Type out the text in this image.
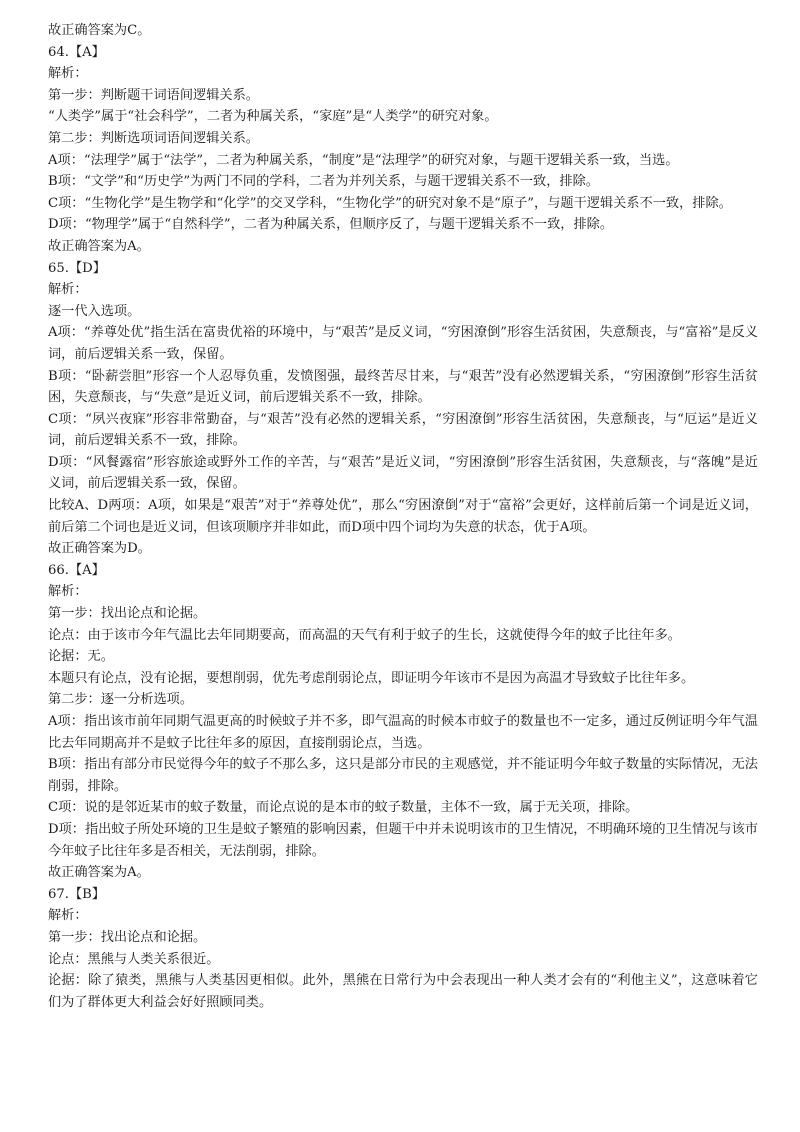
故正确答案为C。

64.【A】

解析：

第一步：判断题干词语间逻辑关系。

“人类学”属于“社会科学”，二者为种属关系，“家庭”是“人类学”的研究对象。

第二步：判断选项词语间逻辑关系。

A项：“法理学”属于“法学”，二者为种属关系，“制度”是“法理学”的研究对象，与题干逻辑关系一致，当选。

B项：“文学”和“历史学”为两门不同的学科，二者为并列关系，与题干逻辑关系不一致，排除。

C项：“生物化学”是生物学和“化学”的交叉学科，“生物化学”的研究对象不是“原子”，与题干逻辑关系不一致，排除。

D项：“物理学”属于“自然科学”，二者为种属关系，但顺序反了，与题干逻辑关系不一致，排除。

故正确答案为A。

65.【D】

解析：

逐一代入选项。

A项：“养尊处优”指生活在富贵优裕的环境中，与“艰苦”是反义词，“穷困潦倒”形容生活贫困，失意颓丧，与“富裕”是反义词，前后逻辑关系一致，保留。

B项：“卧薪尝胆”形容一个人忍辱负重，发愤图强，最终苦尽甘来，与“艰苦”没有必然逻辑关系，“穷困潦倒”形容生活贫困，失意颓丧，与“失意”是近义词，前后逻辑关系不一致，排除。

C项：“夙兴夜寐”形容非常勤奋，与“艰苦”没有必然的逻辑关系，“穷困潦倒”形容生活贫困，失意颓丧，与“厄运”是近义词，前后逻辑关系不一致，排除。

D项：“风餐露宿”形容旅途或野外工作的辛苦，与“艰苦”是近义词，“穷困潦倒”形容生活贫困，失意颓丧，与“落魄”是近义词，前后逻辑关系一致，保留。

比较A、D两项：A项，如果是“艰苦”对于“养尊处优”，那么“穷困潦倒”对于“富裕”会更好，这样前后第一个词是近义词，前后第二个词也是近义词，但该项顺序并非如此，而D项中四个词均为失意的状态，优于A项。

故正确答案为D。

66.【A】

解析：

第一步：找出论点和论据。

论点：由于该市今年气温比去年同期要高，而高温的天气有利于蚊子的生长，这就使得今年的蚊子比往年多。

论据：无。

本题只有论点，没有论据，要想削弱，优先考虑削弱论点，即证明今年该市不是因为高温才导致蚊子比往年多。

第二步：逐一分析选项。

A项：指出该市前年同期气温更高的时候蚊子并不多，即气温高的时候本市蚊子的数量也不一定多，通过反例证明今年气温比去年同期高并不是蚊子比往年多的原因，直接削弱论点，当选。

B项：指出有部分市民觉得今年的蚊子不那么多，这只是部分市民的主观感觉，并不能证明今年蚊子数量的实际情况，无法削弱，排除。

C项：说的是邻近某市的蚊子数量，而论点说的是本市的蚊子数量，主体不一致，属于无关项，排除。

D项：指出蚊子所处环境的卫生是蚊子繁殖的影响因素，但题干中并未说明该市的卫生情况，不明确环境的卫生情况与该市今年蚊子比往年多是否相关，无法削弱，排除。

故正确答案为A。

67.【B】

解析：

第一步：找出论点和论据。

论点：黑熊与人类关系很近。

论据：除了猿类，黑熊与人类基因更相似。此外，黑熊在日常行为中会表现出一种人类才会有的“利他主义”，这意味着它们为了群体更大利益会好好照顾同类。
